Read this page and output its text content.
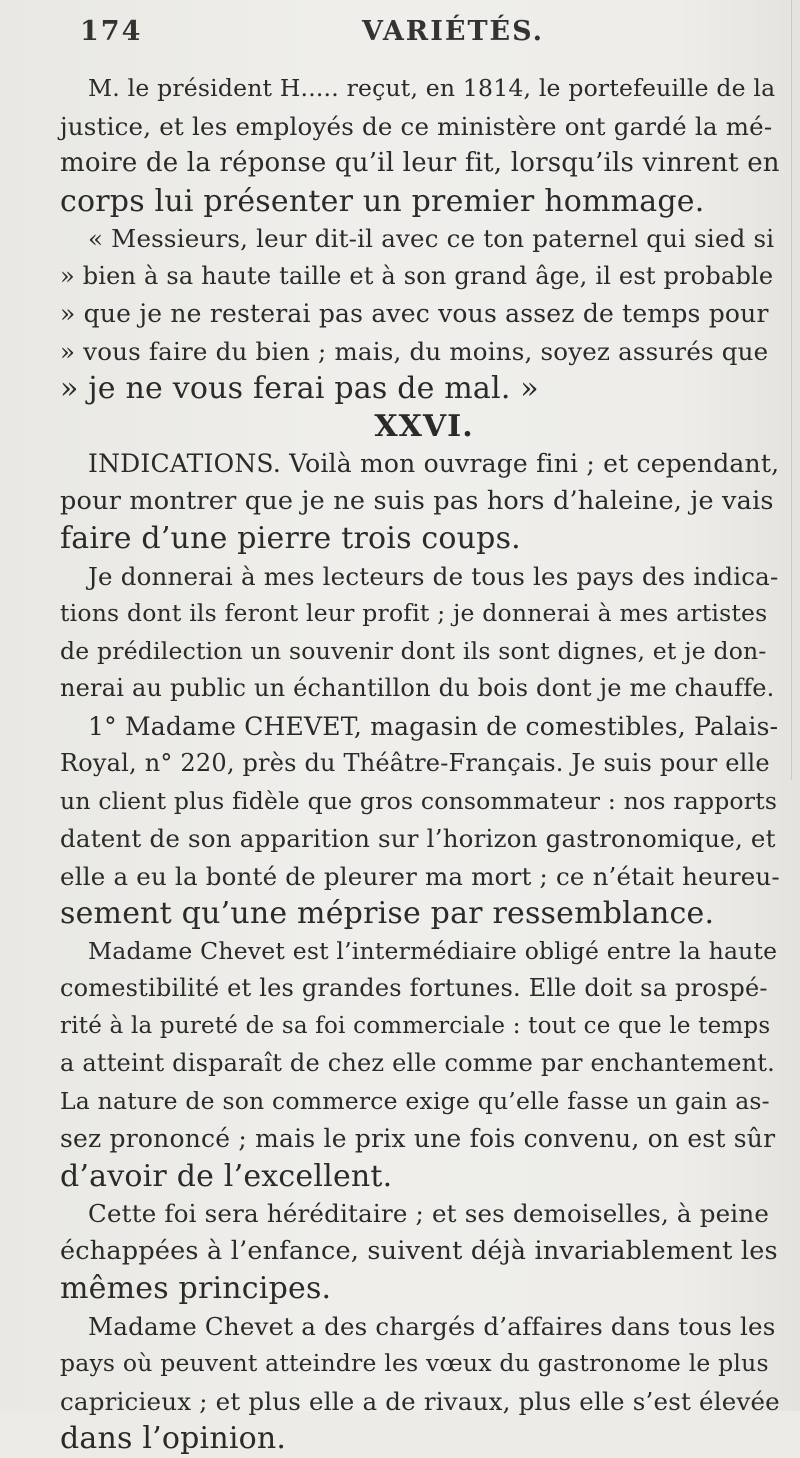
174	VARIÉTÉS.
M. le président H..... reçut, en 1814, le portefeuille de la
justice, et les employés de ce ministère ont gardé la mé-
moire de la réponse qu’il leur fit, lorsqu’ils vinrent en
corps lui présenter un premier hommage.
« Messieurs, leur dit-il avec ce ton paternel qui sied si
» bien à sa haute taille et à son grand âge, il est probable
» que je ne resterai pas avec vous assez de temps pour
» vous faire du bien ; mais, du moins, soyez assurés que
» je ne vous ferai pas de mal. »
XXVI.
INDICATIONS. Voilà mon ouvrage fini ; et cependant,
pour montrer que je ne suis pas hors d’haleine, je vais
faire d’une pierre trois coups.
Je donnerai à mes lecteurs de tous les pays des indica-
tions dont ils feront leur profit ; je donnerai à mes artistes
de prédilection un souvenir dont ils sont dignes, et je don-
nerai au public un échantillon du bois dont je me chauffe.
1° Madame CHEVET, magasin de comestibles, Palais-
Royal, n° 220, près du Théâtre-Français. Je suis pour elle
un client plus fidèle que gros consommateur : nos rapports
datent de son apparition sur l’horizon gastronomique, et
elle a eu la bonté de pleurer ma mort ; ce n’était heureu-
sement qu’une méprise par ressemblance.
Madame Chevet est l’intermédiaire obligé entre la haute
comestibilité et les grandes fortunes. Elle doit sa prospé-
rité à la pureté de sa foi commerciale : tout ce que le temps
a atteint disparaît de chez elle comme par enchantement.
La nature de son commerce exige qu’elle fasse un gain as-
sez prononcé ; mais le prix une fois convenu, on est sûr
d’avoir de l’excellent.
Cette foi sera héréditaire ; et ses demoiselles, à peine
échappées à l’enfance, suivent déjà invariablement les
mêmes principes.
Madame Chevet a des chargés d’affaires dans tous les
pays où peuvent atteindre les vœux du gastronome le plus
capricieux ; et plus elle a de rivaux, plus elle s’est élevée
dans l’opinion.
